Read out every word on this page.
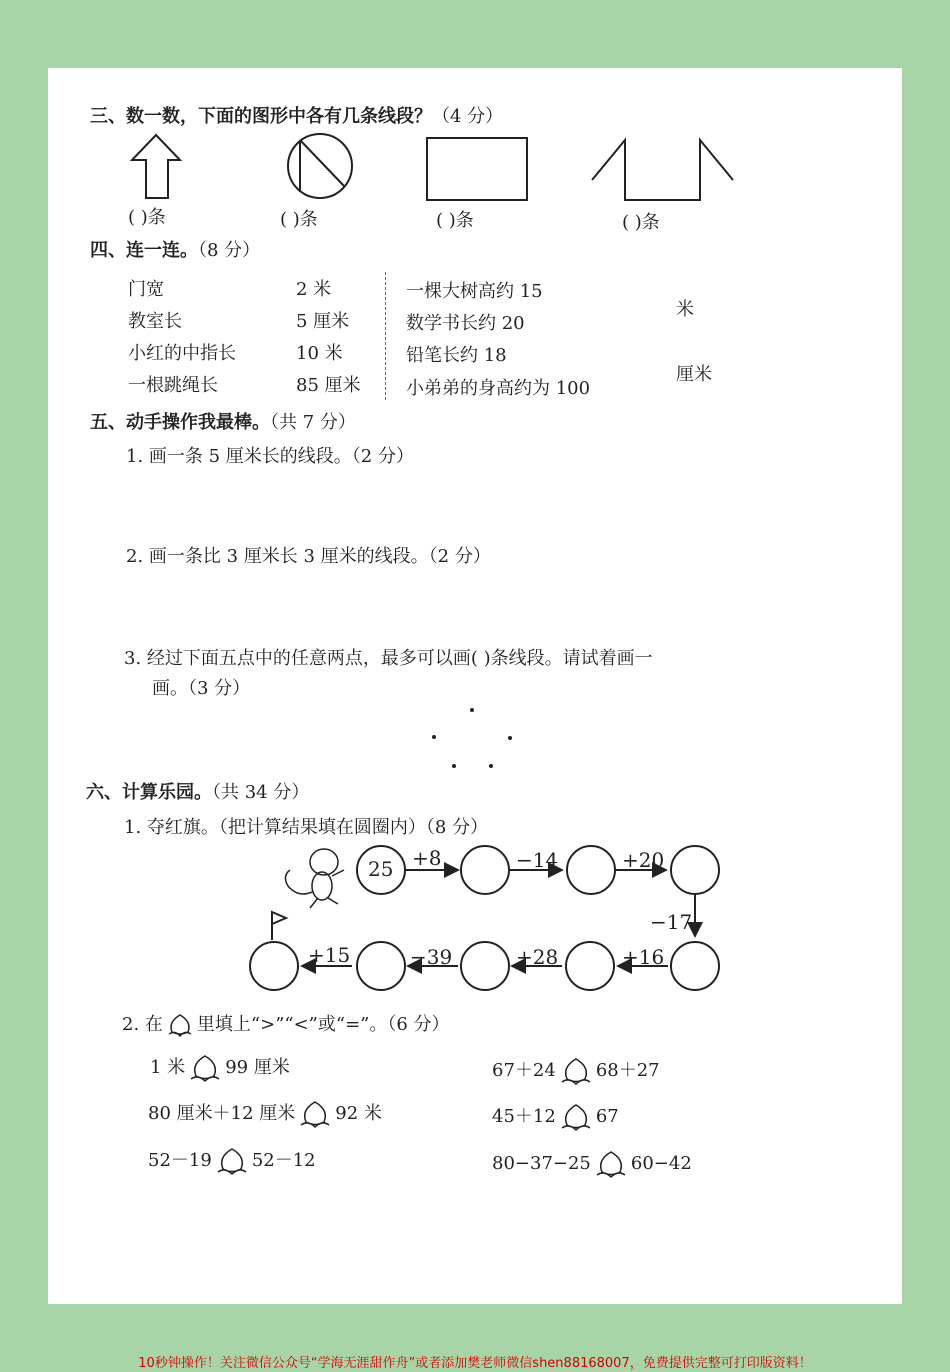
三、数一数，下面的图形中各有几条线段？（4 分）
( )条	( )条	( )条	( )条
四、连一连。（8 分）
门宽
教室长
小红的中指长
一根跳绳长
2 米
5 厘米
10 米
85 厘米
一棵大树高约 15
数学书长约 20
铅笔长约 18
小弟弟的身高约为 100
米
厘米
五、动手操作我最棒。（共 7 分）
1. 画一条 5 厘米长的线段。（2 分）
2. 画一条比 3 厘米长 3 厘米的线段。（2 分）
3. 经过下面五点中的任意两点，最多可以画( )条线段。请试着画一
画。（3 分）
六、计算乐园。（共 34 分）
1. 夺红旗。（把计算结果填在圆圈内）（8 分）
25 +8	−14	+20
−17
+15	−39	+28	+16
2. 在 里填上“>”“<”或“=”。（6 分）
1 米 99 厘米	67＋24 68＋27
80 厘米＋12 厘米 92 米	45＋12 67
52－19 52－12	80−37−25 60−42
10秒钟操作！关注微信公众号“学海无涯甜作舟”或者添加樊老师微信shen88168007，免费提供完整可打印版资料！
